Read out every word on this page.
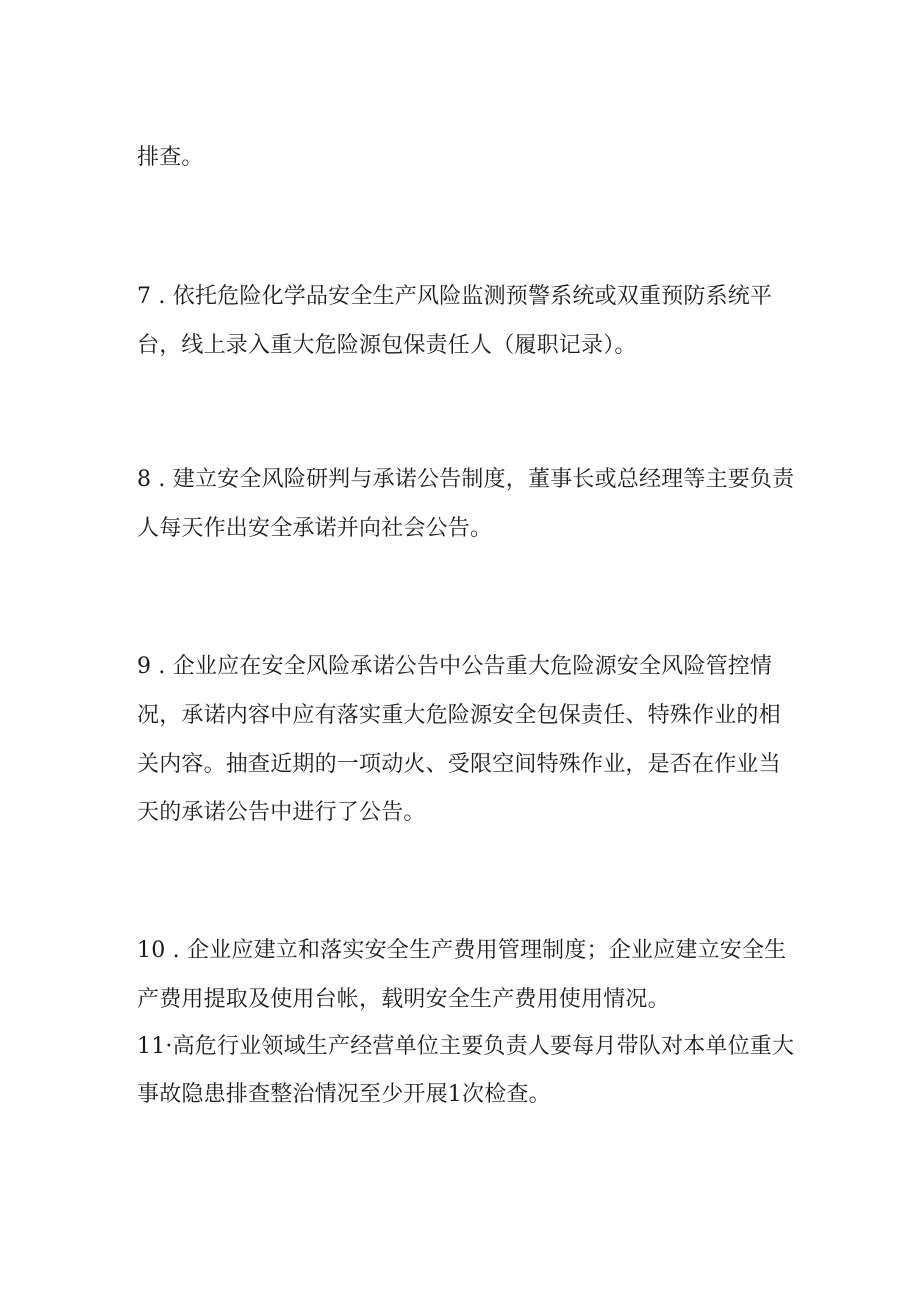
排查。
7 . 依托危险化学品安全生产风险监测预警系统或双重预防系统平
台，线上录入重大危险源包保责任人（履职记录）。
8 . 建立安全风险研判与承诺公告制度，董事长或总经理等主要负责
人每天作出安全承诺并向社会公告。
9 . 企业应在安全风险承诺公告中公告重大危险源安全风险管控情
况，承诺内容中应有落实重大危险源安全包保责任、特殊作业的相
关内容。抽查近期的一项动火、受限空间特殊作业，是否在作业当
天的承诺公告中进行了公告。
10 . 企业应建立和落实安全生产费用管理制度；企业应建立安全生
产费用提取及使用台帐，载明安全生产费用使用情况。
11·高危行业领域生产经营单位主要负责人要每月带队对本单位重大
事故隐患排查整治情况至少开展1次检查。
